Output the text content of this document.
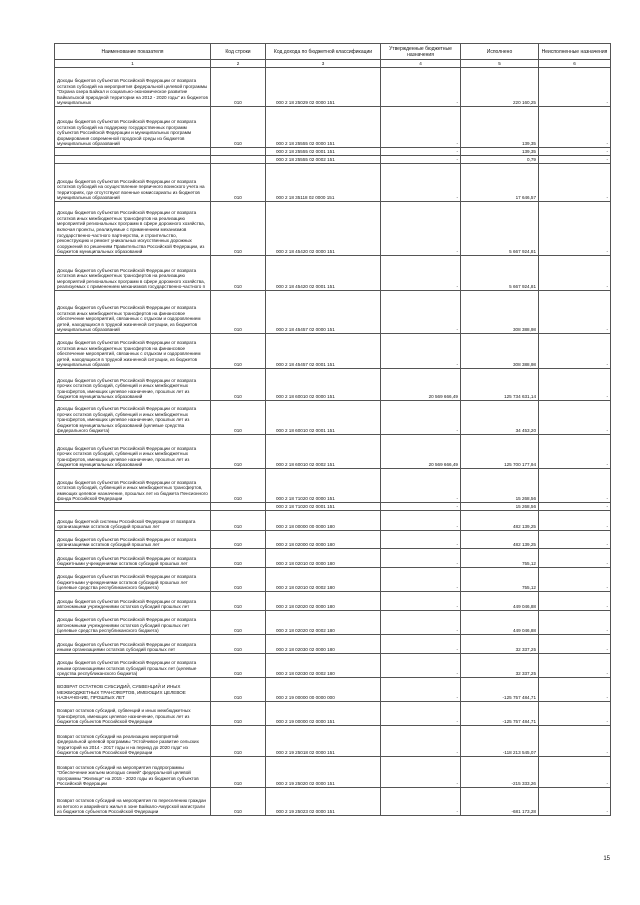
Наименование показателя	Код строки	Код дохода по бюджетной классификации	Утвержденные бюджетные назначения	Исполнено	Неисполненные назначения
1	2	3	4	5	6
Доходы бюджетов субъектов Российской Федерации от возврата остатков субсидий на мероприятия федеральной целевой программы "Охрана озера Байкал и социально-экономическое развитие Байкальской природной территории на 2012 - 2020 годы" из бюджетов муниципальных	010	000 2 18 25029 02 0000 151	-	220 160,25	-
Доходы бюджетов субъектов Российской Федерации от возврата остатков субсидий на поддержку государственных программ субъектов Российской Федерации и муниципальных программ формирования современной городской среды из бюджетов муниципальных образований	010	000 2 18 25555 02 0000 151	-	139,35	-
		000 2 18 25555 02 0001 151	-	139,35	-
		000 2 18 25555 02 0002 151	-	0,79	-
Доходы бюджетов субъектов Российской Федерации от возврата остатков субсидий на осуществление первичного воинского учета на территориях, где отсутствуют военные комиссариаты из бюджетов муниципальных образований	010	000 2 18 35118 02 0000 151	-	17 646,57	-
Доходы бюджетов субъектов Российской Федерации от возврата остатков иных межбюджетных трансфертов на реализацию мероприятий региональных программ в сфере дорожного хозяйства, включая проекты, реализуемые с применением механизмов государственно-частного партнерства, и строительство, реконструкцию и ремонт уникальных искусственных дорожных сооружений по решениям Правительства Российской Федерации, из бюджетов муниципальных образований	010	000 2 18 45420 02 0000 151	-	5 667 924,81	-
Доходы бюджетов субъектов Российской Федерации от возврата остатков иных межбюджетных трансфертов на реализацию мероприятий региональных программ в сфере дорожного хозяйства, реализуемых с применением механизмов государственно-частного п	010	000 2 18 45420 02 0001 151	-	5 667 924,81	-
Доходы бюджетов субъектов Российской Федерации от возврата остатков иных межбюджетных трансфертов на финансовое обеспечение мероприятий, связанных с отдыхом и оздоровлением детей, находящихся в трудной жизненной ситуации, из бюджетов муниципальных образований	010	000 2 18 45457 02 0000 151	-	308 388,98	-
Доходы бюджетов субъектов Российской Федерации от возврата остатков иных межбюджетных трансфертов на финансовое обеспечение мероприятий, связанных с отдыхом и оздоровлением детей, находящихся в трудной жизненной ситуации, из бюджетов муниципальных образов	010	000 2 18 45457 02 0001 151	-	308 388,98	-
Доходы бюджетов субъектов Российской Федерации от возврата прочих остатков субсидий, субвенций и иных межбюджетных трансфертов, имеющих целевое назначение, прошлых лет из бюджетов муниципальных образований	010	000 2 18 60010 02 0000 151	20 569 666,49	125 734 631,14	-
Доходы бюджетов субъектов Российской Федерации от возврата прочих остатков субсидий, субвенций и иных межбюджетных трансфертов, имеющих целевое назначение, прошлых лет из бюджетов муниципальных образований (целевые средства федерального бюджета)	010	000 2 18 60010 02 0001 151	-	34 453,20	-
Доходы бюджетов субъектов Российской Федерации от возврата прочих остатков субсидий, субвенций и иных межбюджетных трансфертов, имеющих целевое назначение, прошлых лет из бюджетов муниципальных образований	010	000 2 18 60010 02 0002 151	20 569 666,49	125 700 177,94	-
Доходы бюджетов субъектов Российской Федерации от возврата остатков субсидий, субвенций и иных межбюджетных трансфертов, имеющих целевое назначение, прошлых лет из бюджета Пенсионного фонда Российской Федерации	010	000 2 18 71020 02 0000 151	-	15 268,56	-
		000 2 18 71020 02 0001 151	-	15 268,56	-
Доходы бюджетной системы Российской Федерации от возврата организациями остатков субсидий прошлых лет	010	000 2 18 00000 00 0000 180	-	482 139,25	-
Доходы бюджетов субъектов Российской Федерации от возврата организациями остатков субсидий прошлых лет	010	000 2 18 02000 02 0000 180	-	482 139,25	-
Доходы бюджетов субъектов Российской Федерации от возврата бюджетными учреждениями остатков субсидий прошлых лет	010	000 2 18 02010 02 0000 180	-	755,12	-
Доходы бюджетов субъектов Российской Федерации от возврата бюджетными учреждениями остатков субсидий прошлых лет (целевые средства республиканского бюджета)	010	000 2 18 02010 02 0002 180	-	755,12	-
Доходы бюджетов субъектов Российской Федерации от возврата автономными учреждениями остатков субсидий прошлых лет	010	000 2 18 02020 02 0000 180	-	449 046,88	-
Доходы бюджетов субъектов Российской Федерации от возврата автономными учреждениями остатков субсидий прошлых лет (целевые средства республиканского бюджета)	010	000 2 18 02020 02 0002 180	-	449 046,88	-
Доходы бюджетов субъектов Российской Федерации от возврата иными организациями остатков субсидий прошлых лет	010	000 2 18 02030 02 0000 180	-	32 337,25	-
Доходы бюджетов субъектов Российской Федерации от возврата иными организациями остатков субсидий прошлых лет (целевые средства республиканского бюджета)	010	000 2 18 02030 02 0002 180	-	32 337,25	-
ВОЗВРАТ ОСТАТКОВ СУБСИДИЙ, СУБВЕНЦИЙ И ИНЫХ МЕЖБЮДЖЕТНЫХ ТРАНСФЕРТОВ, ИМЕЮЩИХ ЦЕЛЕВОЕ НАЗНАЧЕНИЕ, ПРОШЛЫХ ЛЕТ	010	000 2 19 00000 00 0000 000	-	-125 757 484,71	-
Возврат остатков субсидий, субвенций и иных межбюджетных трансфертов, имеющих целевое назначение, прошлых лет из бюджетов субъектов Российской Федерации	010	000 2 19 00000 02 0000 151	-	-125 757 484,71	-
Возврат остатков субсидий на реализацию мероприятий федеральной целевой программы "Устойчивое развитие сельских территорий на 2014 - 2017 годы и на период до 2020 года" из бюджетов субъектов Российской Федерации	010	000 2 19 25018 02 0000 151	-	-118 213 545,07	-
Возврат остатков субсидий на мероприятия подпрограммы "Обеспечение жильем молодых семей" федеральной целевой программы "Жилище" на 2015 - 2020 годы из бюджетов субъектов Российской Федерации	010	000 2 19 25020 02 0000 151	-	-215 333,26	-
Возврат остатков субсидий на мероприятия по переселению граждан из ветхого и аварийного жилья в зоне Байкало-Амурской магистрали из бюджетов субъектов Российской Федерации	010	000 2 19 25023 02 0000 151	-	-681 173,28	-
15
